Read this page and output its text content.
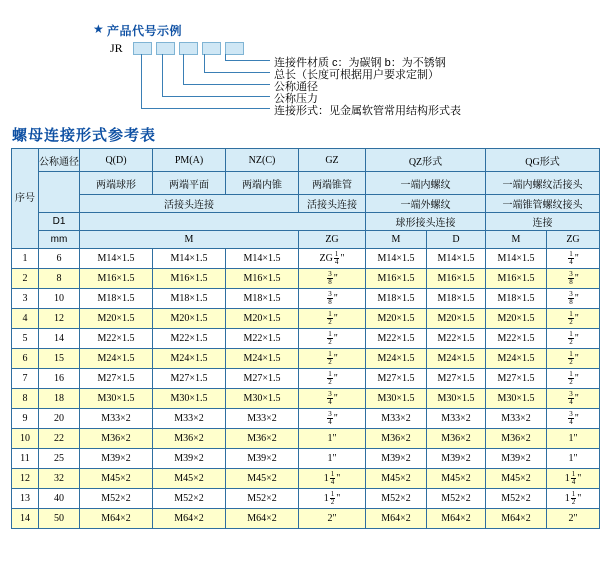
★ 产品代号示例
JR
连接件材质 c：为碳钢 b：为不锈钢
总长（长度可根据用户要求定制）
公称通径
公称压力
连接形式：见金属软管常用结构形式表
螺母连接形式参考表
序号	公称通径	Q(D)	PM(A)	NZ(C)	GZ	QZ形式		QG形式	
		两端球形	两端平面	两端内锥	两端锥管	一端内螺纹		一端内螺纹活接头	
		活接头连接			活接头连接	一端外螺纹		一端锥管螺纹接头	
	D1					球形接头连接		连接	
	mm	M			ZG	M	D	M	ZG
1	6	M14×1.5	M14×1.5	M14×1.5	ZG $\frac{1}{4}$ "	M14×1.5	M14×1.5	M14×1.5	$\frac{1}{4}$ "

2	8	M16×1.5	M16×1.5	M16×1.5	$\frac{3}{8}$ "	M16×1.5	M16×1.5	M16×1.5	$\frac{3}{8}$ "

3	10	M18×1.5	M18×1.5	M18×1.5	$\frac{3}{8}$ "	M18×1.5	M18×1.5	M18×1.5	$\frac{3}{8}$ "

4	12	M20×1.5	M20×1.5	M20×1.5	$\frac{1}{2}$ "	M20×1.5	M20×1.5	M20×1.5	$\frac{1}{2}$ "

5	14	M22×1.5	M22×1.5	M22×1.5	$\frac{1}{2}$ "	M22×1.5	M22×1.5	M22×1.5	$\frac{1}{2}$ "

6	15	M24×1.5	M24×1.5	M24×1.5	$\frac{1}{2}$ "	M24×1.5	M24×1.5	M24×1.5	$\frac{1}{2}$ "

7	16	M27×1.5	M27×1.5	M27×1.5	$\frac{1}{2}$ "	M27×1.5	M27×1.5	M27×1.5	$\frac{1}{2}$ "

8	18	M30×1.5	M30×1.5	M30×1.5	$\frac{3}{4}$ "	M30×1.5	M30×1.5	M30×1.5	$\frac{3}{4}$ "

9	20	M33×2	M33×2	M33×2	$\frac{3}{4}$ "	M33×2	M33×2	M33×2	$\frac{3}{4}$ "

10	22	M36×2	M36×2	M36×2	1"	M36×2	M36×2	M36×2	1"

11	25	M39×2	M39×2	M39×2	1"	M39×2	M39×2	M39×2	1"

12	32	M45×2	M45×2	M45×2	$1 \frac{1}{4}$ "	M45×2	M45×2	M45×2	$1 \frac{1}{4}$ "

13	40	M52×2	M52×2	M52×2	$1 \frac{1}{2}$ "	M52×2	M52×2	M52×2	$1 \frac{1}{2}$ "

14	50	M64×2	M64×2	M64×2	2"	M64×2	M64×2	M64×2	2"
